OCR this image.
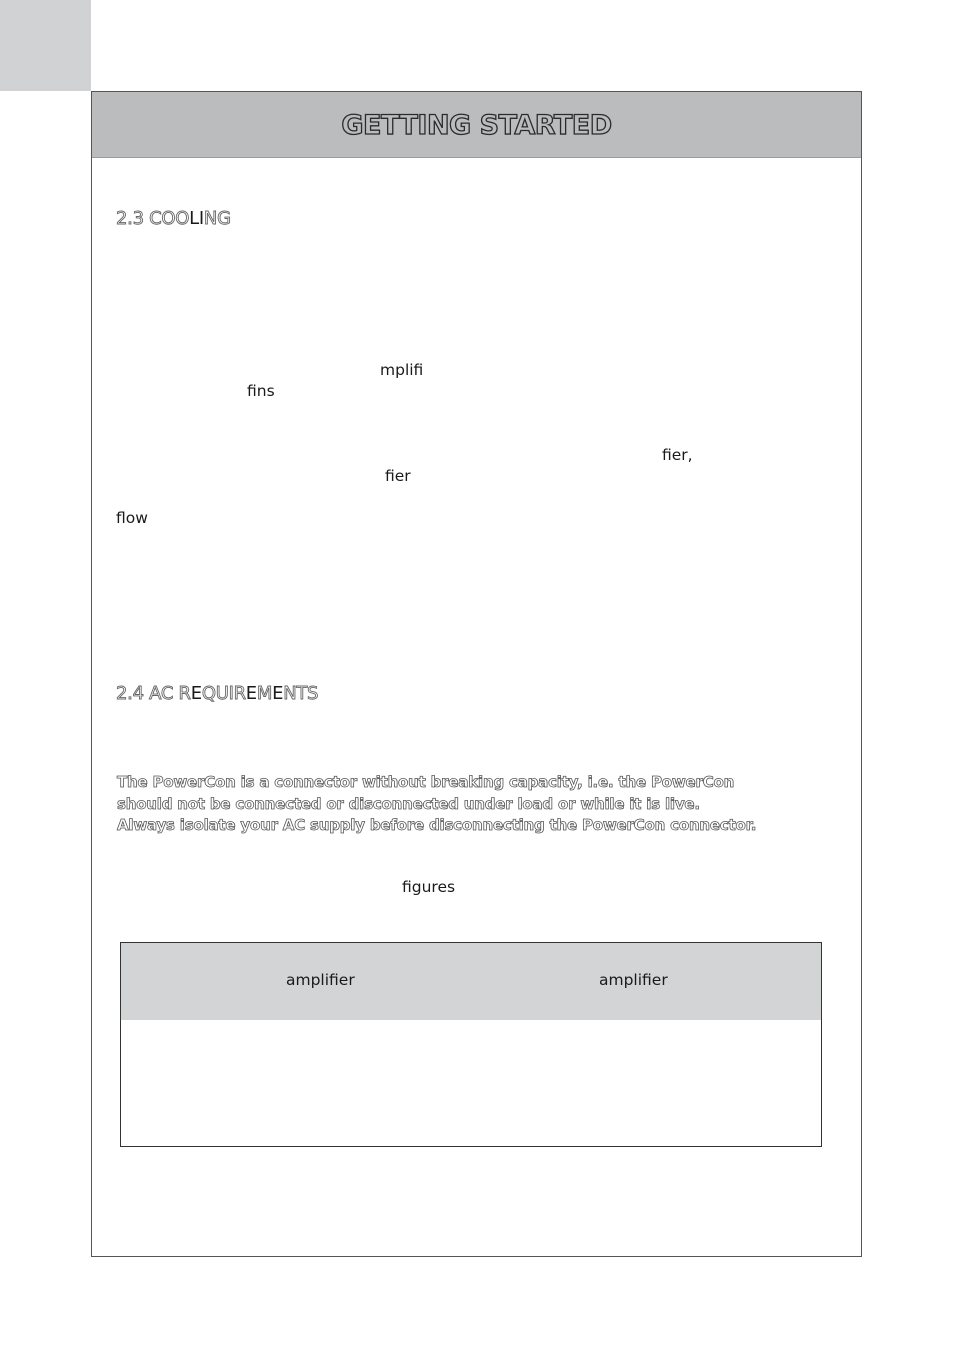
GETTING STARTED
2.3 COOLING
mplifi
fins
fier,
fier
flow
2.4 AC REQUIREMENTS
The PowerCon is a connector without breaking capacity, i.e. the PowerCon
should not be connected or disconnected under load or while it is live.
Always isolate your AC supply before disconnecting the PowerCon connector.
figures
amplifier	amplifier
